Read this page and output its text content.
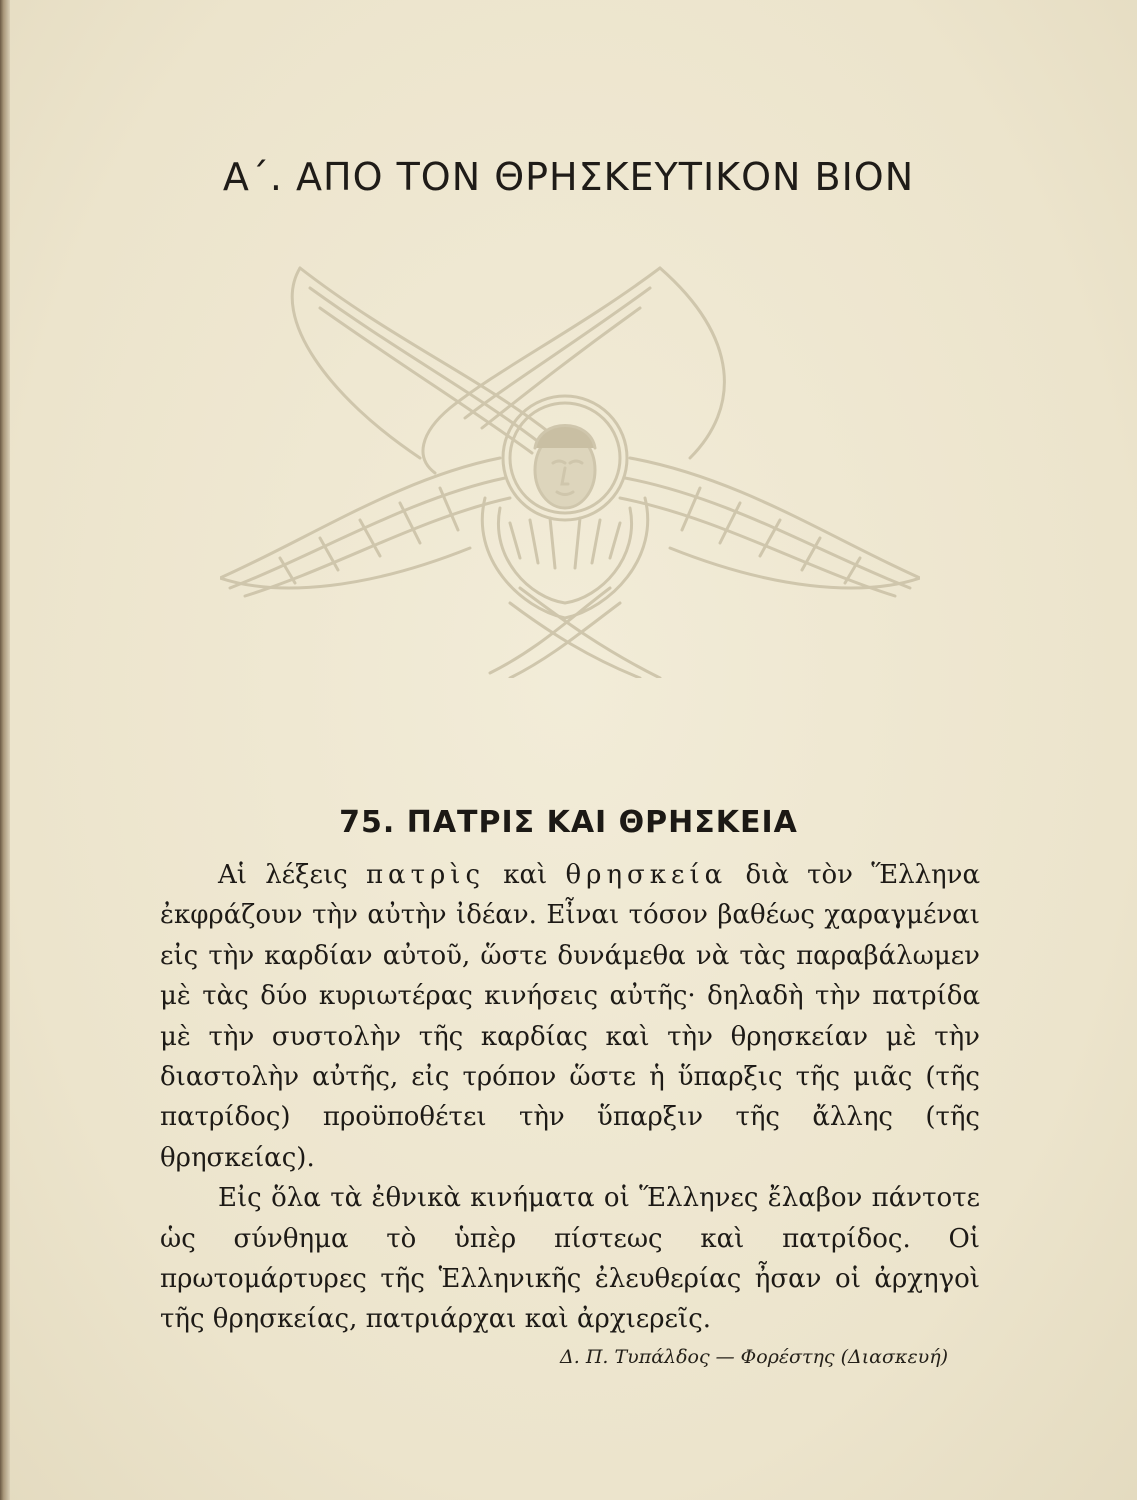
Α΄. ΑΠΟ ΤΟΝ ΘΡΗΣΚΕΥΤΙΚΟΝ ΒΙΟΝ
75. ΠΑΤΡΙΣ ΚΑΙ ΘΡΗΣΚΕΙΑ

Αἱ λέξεις πατρὶς καὶ θρησκεία διὰ τὸν Ἕλληνα ἐκφράζουν τὴν αὐτὴν ἰδέαν. Εἶναι τόσον βαθέως χαραγμέναι εἰς τὴν καρδίαν αὐτοῦ, ὥστε δυνάμεθα νὰ τὰς παραβάλωμεν μὲ τὰς δύο κυριωτέρας κινήσεις αὐτῆς· δηλαδὴ τὴν πατρίδα μὲ τὴν συστολὴν τῆς καρδίας καὶ τὴν θρησκείαν μὲ τὴν διαστολὴν αὐτῆς, εἰς τρόπον ὥστε ἡ ὕπαρξις τῆς μιᾶς (τῆς πατρίδος) προϋποθέτει τὴν ὕπαρξιν τῆς ἄλλης (τῆς θρησκείας).

Εἰς ὅλα τὰ ἐθνικὰ κινήματα οἱ Ἕλληνες ἔλαβον πάντοτε ὡς σύνθημα τὸ ὑπὲρ πίστεως καὶ πατρίδος. Οἱ πρωτομάρτυρες τῆς Ἑλληνικῆς ἐλευθερίας ἦσαν οἱ ἀρχηγοὶ τῆς θρησκείας, πατριάρχαι καὶ ἀρχιερεῖς.

Δ. Π. Τυπάλδος — Φορέστης (Διασκευή)
